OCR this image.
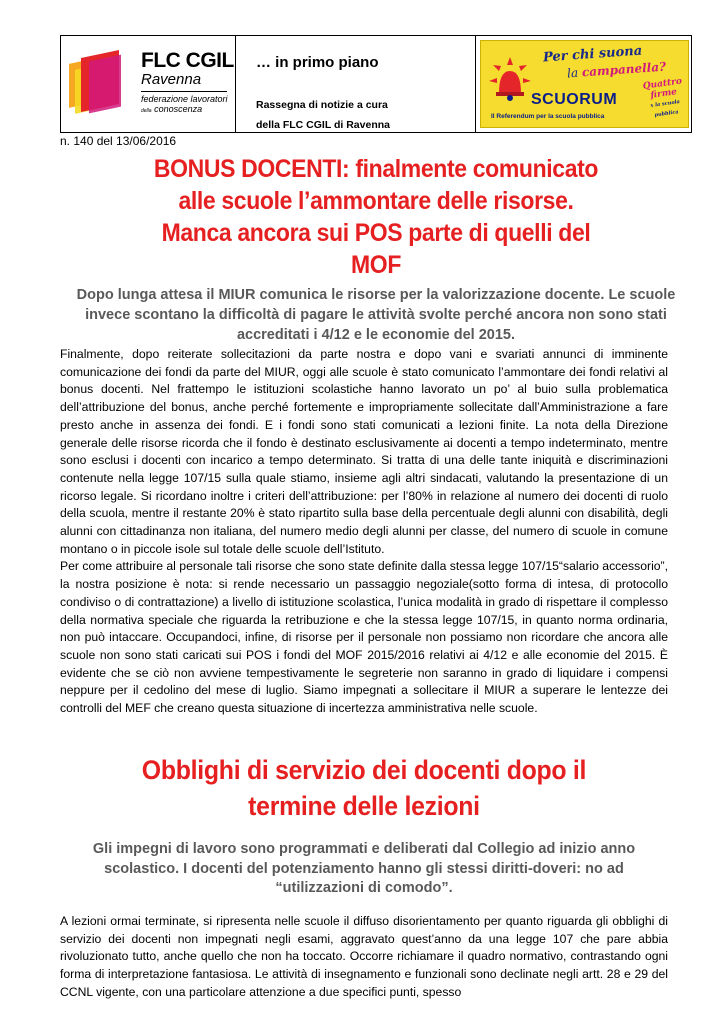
FLC CGIL
Ravenna
federazione lavoratori
della conoscenza
… in primo piano
Rassegna di notizie a cura
della FLC CGIL di Ravenna
Per chi suona
la campanella?
SCUORUM
Il Referendum per la scuola pubblica
Quattro firme
x la scuola pubblica
n. 140 del 13/06/2016
BONUS DOCENTI: finalmente comunicato
alle scuole l’ammontare delle risorse.
Manca ancora sui POS parte di quelli del
MOF
Dopo lunga attesa il MIUR comunica le risorse per la valorizzazione docente. Le scuole invece scontano la difficoltà di pagare le attività svolte perché ancora non sono stati accreditati i 4/12 e le economie del 2015.

Finalmente, dopo reiterate sollecitazioni da parte nostra e dopo vani e svariati annunci di imminente comunicazione dei fondi da parte del MIUR, oggi alle scuole è stato comunicato l’ammontare dei fondi relativi al bonus docenti. Nel frattempo le istituzioni scolastiche hanno lavorato un po’ al buio sulla problematica dell’attribuzione del bonus, anche perché fortemente e impropriamente sollecitate dall’Amministrazione a fare presto anche in assenza dei fondi. E i fondi sono stati comunicati a lezioni finite. La nota della Direzione generale delle risorse ricorda che il fondo è destinato esclusivamente ai docenti a tempo indeterminato, mentre sono esclusi i docenti con incarico a tempo determinato. Si tratta di una delle tante iniquità e discriminazioni contenute nella legge 107/15 sulla quale stiamo, insieme agli altri sindacati, valutando la presentazione di un ricorso legale. Si ricordano inoltre i criteri dell’attribuzione: per l’80% in relazione al numero dei docenti di ruolo della scuola, mentre il restante 20% è stato ripartito sulla base della percentuale degli alunni con disabilità, degli alunni con cittadinanza non italiana, del numero medio degli alunni per classe, del numero di scuole in comune montano o in piccole isole sul totale delle scuole dell’Istituto.

Per come attribuire al personale tali risorse che sono state definite dalla stessa legge 107/15“salario accessorio”, la nostra posizione è nota: si rende necessario un passaggio negoziale(sotto forma di intesa, di protocollo condiviso o di contrattazione) a livello di istituzione scolastica, l’unica modalità in grado di rispettare il complesso della normativa speciale che riguarda la retribuzione e che la stessa legge 107/15, in quanto norma ordinaria, non può intaccare. Occupandoci, infine, di risorse per il personale non possiamo non ricordare che ancora alle scuole non sono stati caricati sui POS i fondi del MOF 2015/2016 relativi ai 4/12 e alle economie del 2015. È evidente che se ciò non avviene tempestivamente le segreterie non saranno in grado di liquidare i compensi neppure per il cedolino del mese di luglio. Siamo impegnati a sollecitare il MIUR a superare le lentezze dei controlli del MEF che creano questa situazione di incertezza amministrativa nelle scuole.

Obblighi di servizio dei docenti dopo il
termine delle lezioni
Gli impegni di lavoro sono programmati e deliberati dal Collegio ad inizio anno scolastico. I docenti del potenziamento hanno gli stessi diritti-doveri: no ad “utilizzazioni di comodo”.

A lezioni ormai terminate, si ripresenta nelle scuole il diffuso disorientamento per quanto riguarda gli obblighi di servizio dei docenti non impegnati negli esami, aggravato quest’anno da una legge 107 che pare abbia rivoluzionato tutto, anche quello che non ha toccato. Occorre richiamare il quadro normativo, contrastando ogni forma di interpretazione fantasiosa. Le attività di insegnamento e funzionali sono declinate negli artt. 28 e 29 del CCNL vigente, con una particolare attenzione a due specifici punti, spesso
